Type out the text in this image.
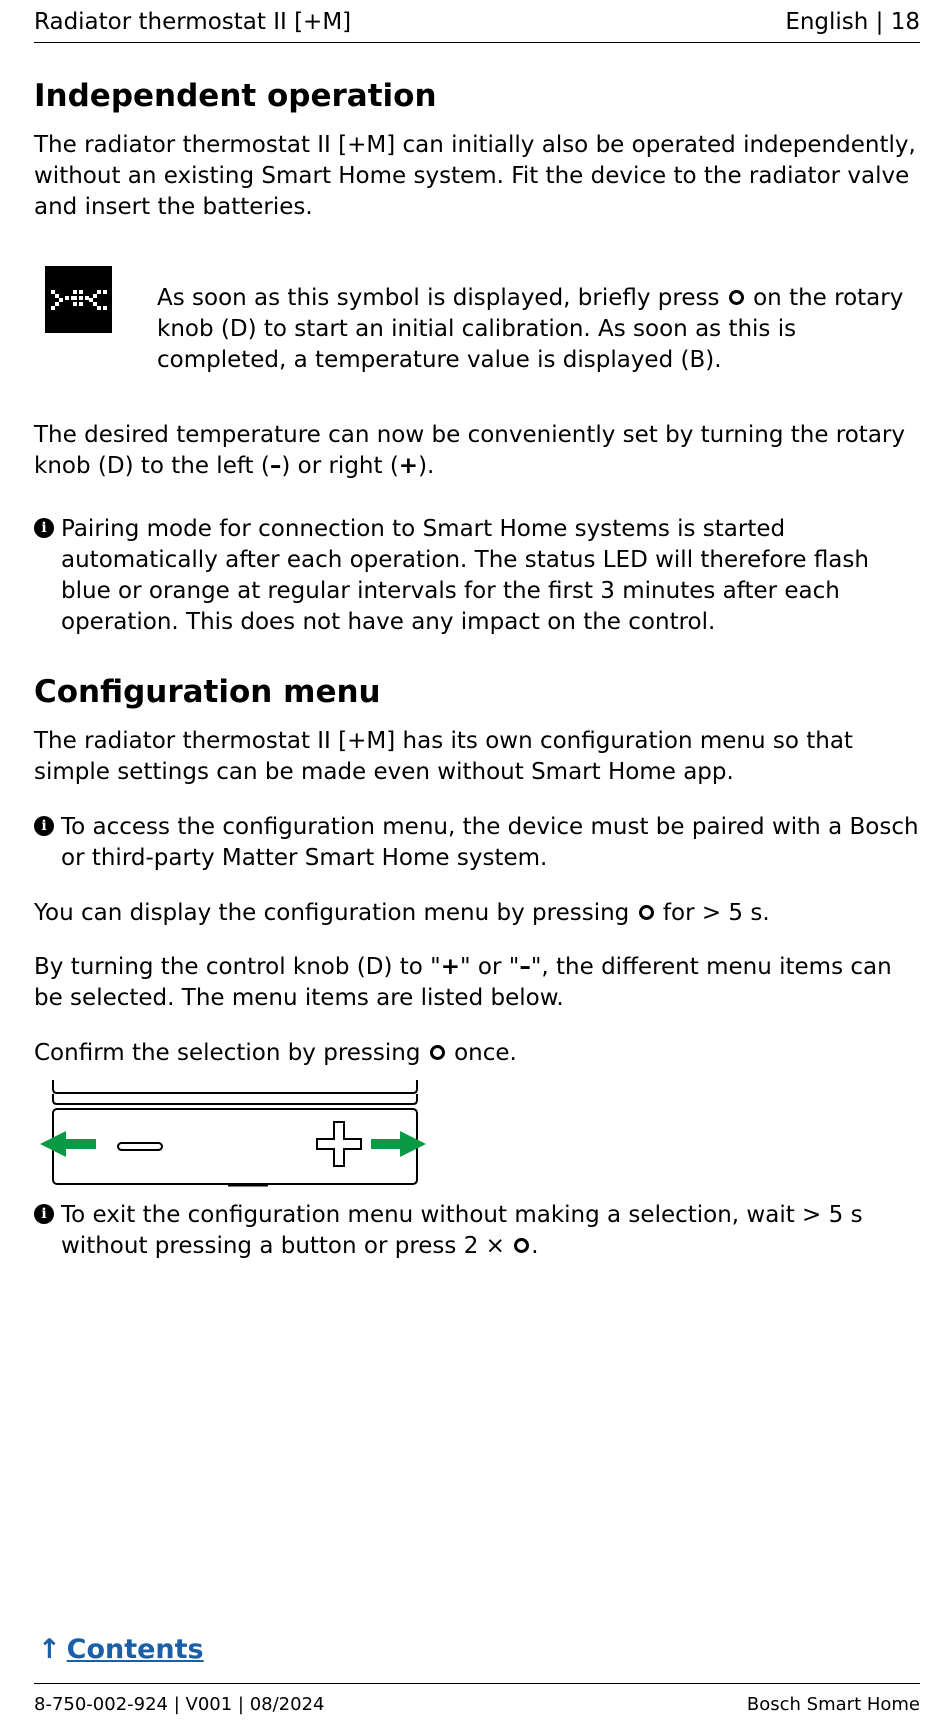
Radiator thermostat II [+M]	English | 18
Independent operation

The radiator thermostat II [+M] can initially also be operated independently, without an existing Smart Home system. Fit the device to the radiator valve and insert the batteries.

As soon as this symbol is displayed, briefly press on the rotary knob (D) to start an initial calibration. As soon as this is completed, a temperature value is displayed (B).

The desired temperature can now be conveniently set by turning the rotary knob (D) to the left (–) or right (+).

i Pairing mode for connection to Smart Home systems is started automatically after each operation. The status LED will therefore flash blue or orange at regular intervals for the first 3 minutes after each operation. This does not have any impact on the control.
Configuration menu

The radiator thermostat II [+M] has its own configuration menu so that simple settings can be made even without Smart Home app.

i To access the configuration menu, the device must be paired with a Bosch or third-party Matter Smart Home system.

You can display the configuration menu by pressing for > 5 s.

By turning the control knob (D) to "+" or "–", the different menu items can be selected. The menu items are listed below.

Confirm the selection by pressing once.

i To exit the configuration menu without making a selection, wait > 5 s without pressing a button or press 2 × .
↑ Contents
8-750-002-924 | V001 | 08/2024	Bosch Smart Home
